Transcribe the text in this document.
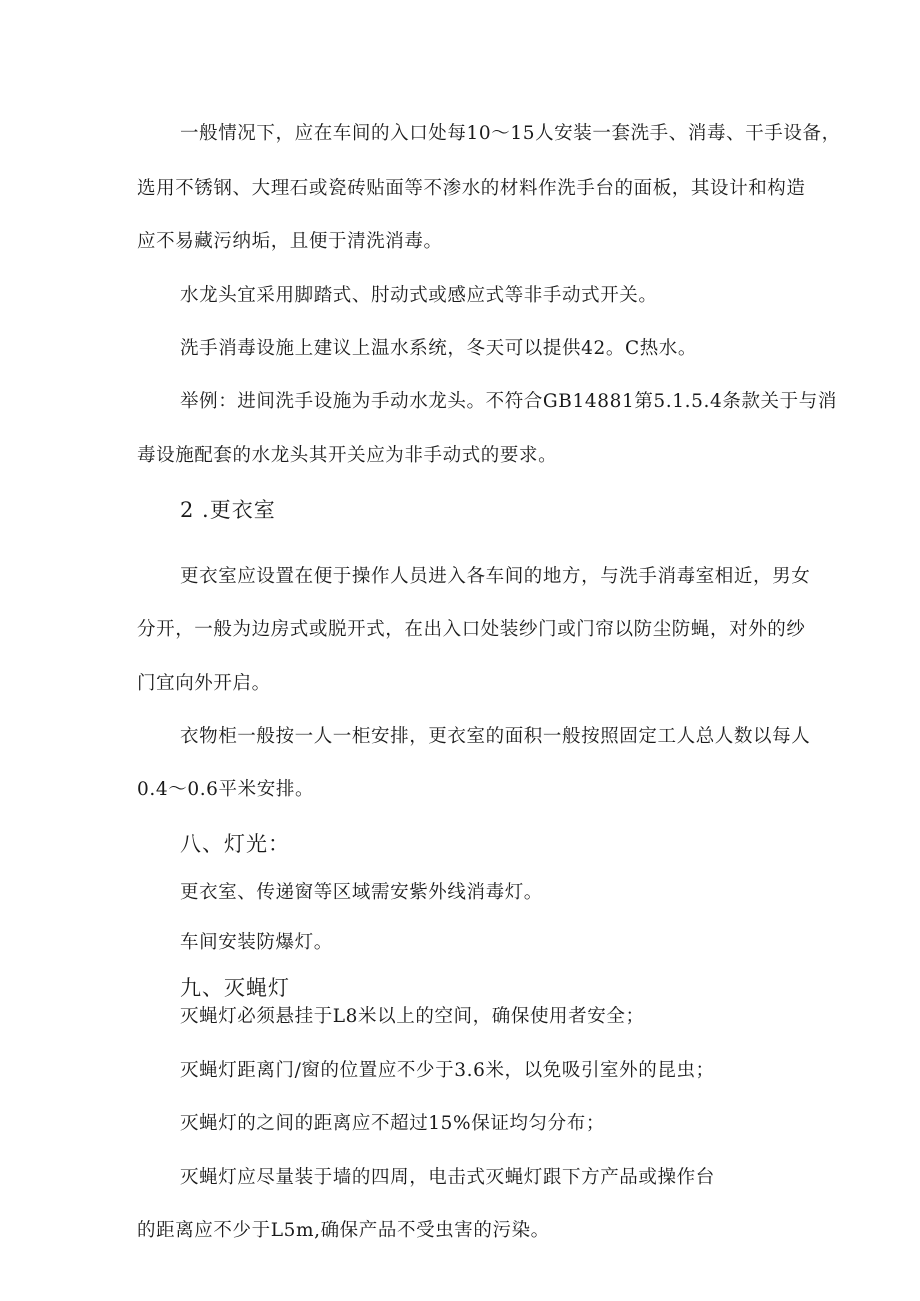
一般情况下，应在车间的入口处每10～15人安装一套洗手、消毒、干手设备，
选用不锈钢、大理石或瓷砖贴面等不渗水的材料作洗手台的面板，其设计和构造
应不易藏污纳垢，且便于清洗消毒。
水龙头宜采用脚踏式、肘动式或感应式等非手动式开关。
洗手消毒设施上建议上温水系统，冬天可以提供42。C热水。
举例：进间洗手设施为手动水龙头。不符合GB14881第5.1.5.4条款关于与消
毒设施配套的水龙头其开关应为非手动式的要求。
2 .更衣室
更衣室应设置在便于操作人员进入各车间的地方，与洗手消毒室相近，男女
分开，一般为边房式或脱开式，在出入口处装纱门或门帘以防尘防蝇，对外的纱
门宜向外开启。
衣物柜一般按一人一柜安排，更衣室的面积一般按照固定工人总人数以每人
0.4～0.6平米安排。
八、灯光：
更衣室、传递窗等区域需安紫外线消毒灯。
车间安装防爆灯。
九、灭蝇灯
灭蝇灯必须悬挂于L8米以上的空间，确保使用者安全；
灭蝇灯距离门/窗的位置应不少于3.6米，以免吸引室外的昆虫；
灭蝇灯的之间的距离应不超过15%保证均匀分布；
灭蝇灯应尽量装于墙的四周，电击式灭蝇灯跟下方产品或操作台
的距离应不少于L5m,确保产品不受虫害的污染。
